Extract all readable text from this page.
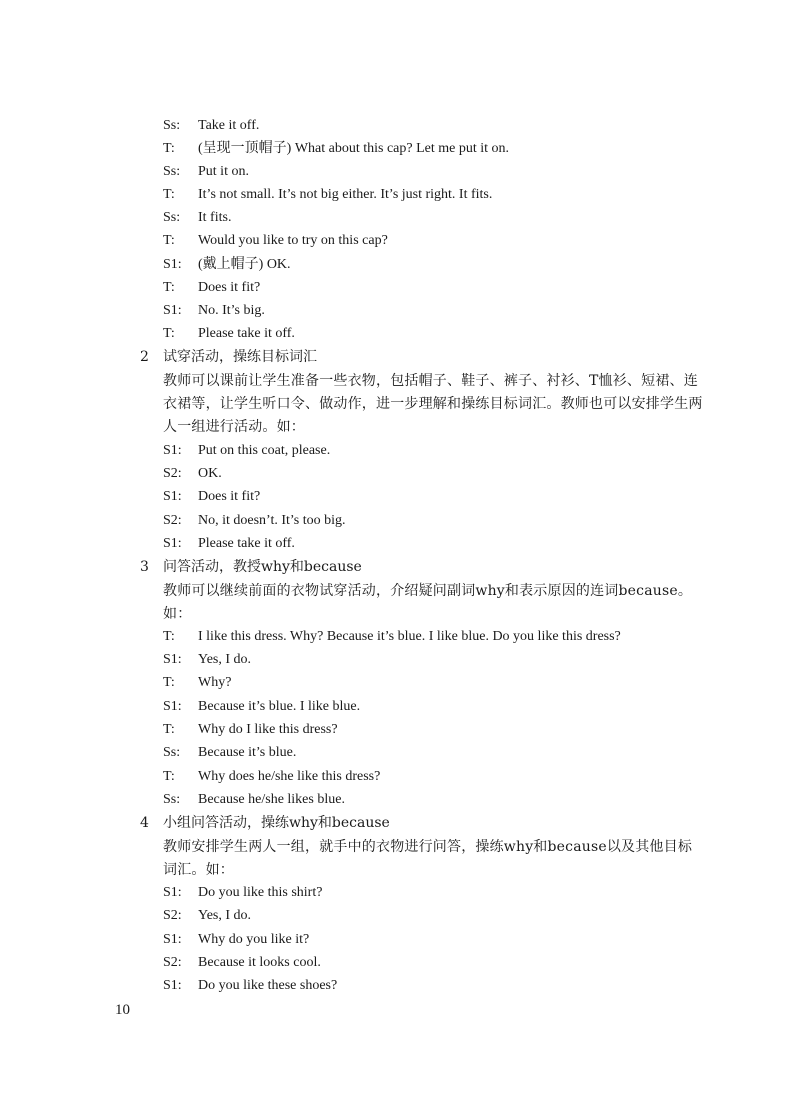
Ss: Take it off.
T: (呈现一顶帽子) What about this cap? Let me put it on.
Ss: Put it on.
T: It’s not small. It’s not big either. It’s just right. It fits.
Ss: It fits.
T: Would you like to try on this cap?
S1: (戴上帽子) OK.
T: Does it fit?
S1: No. It’s big.
T: Please take it off.
2 试穿活动，操练目标词汇
教师可以课前让学生准备一些衣物，包括帽子、鞋子、裤子、衬衫、T恤衫、短裙、连衣裙等，让学生听口令、做动作，进一步理解和操练目标词汇。教师也可以安排学生两人一组进行活动。如：
S1: Put on this coat, please.
S2: OK.
S1: Does it fit?
S2: No, it doesn’t. It’s too big.
S1: Please take it off.
3 问答活动，教授why和because
教师可以继续前面的衣物试穿活动，介绍疑问副词why和表示原因的连词because。如：
T: I like this dress. Why? Because it’s blue. I like blue. Do you like this dress?
S1: Yes, I do.
T: Why?
S1: Because it’s blue. I like blue.
T: Why do I like this dress?
Ss: Because it’s blue.
T: Why does he/she like this dress?
Ss: Because he/she likes blue.
4 小组问答活动，操练why和because
教师安排学生两人一组，就手中的衣物进行问答，操练why和because以及其他目标词汇。如：
S1: Do you like this shirt?
S2: Yes, I do.
S1: Why do you like it?
S2: Because it looks cool.
S1: Do you like these shoes?
10
